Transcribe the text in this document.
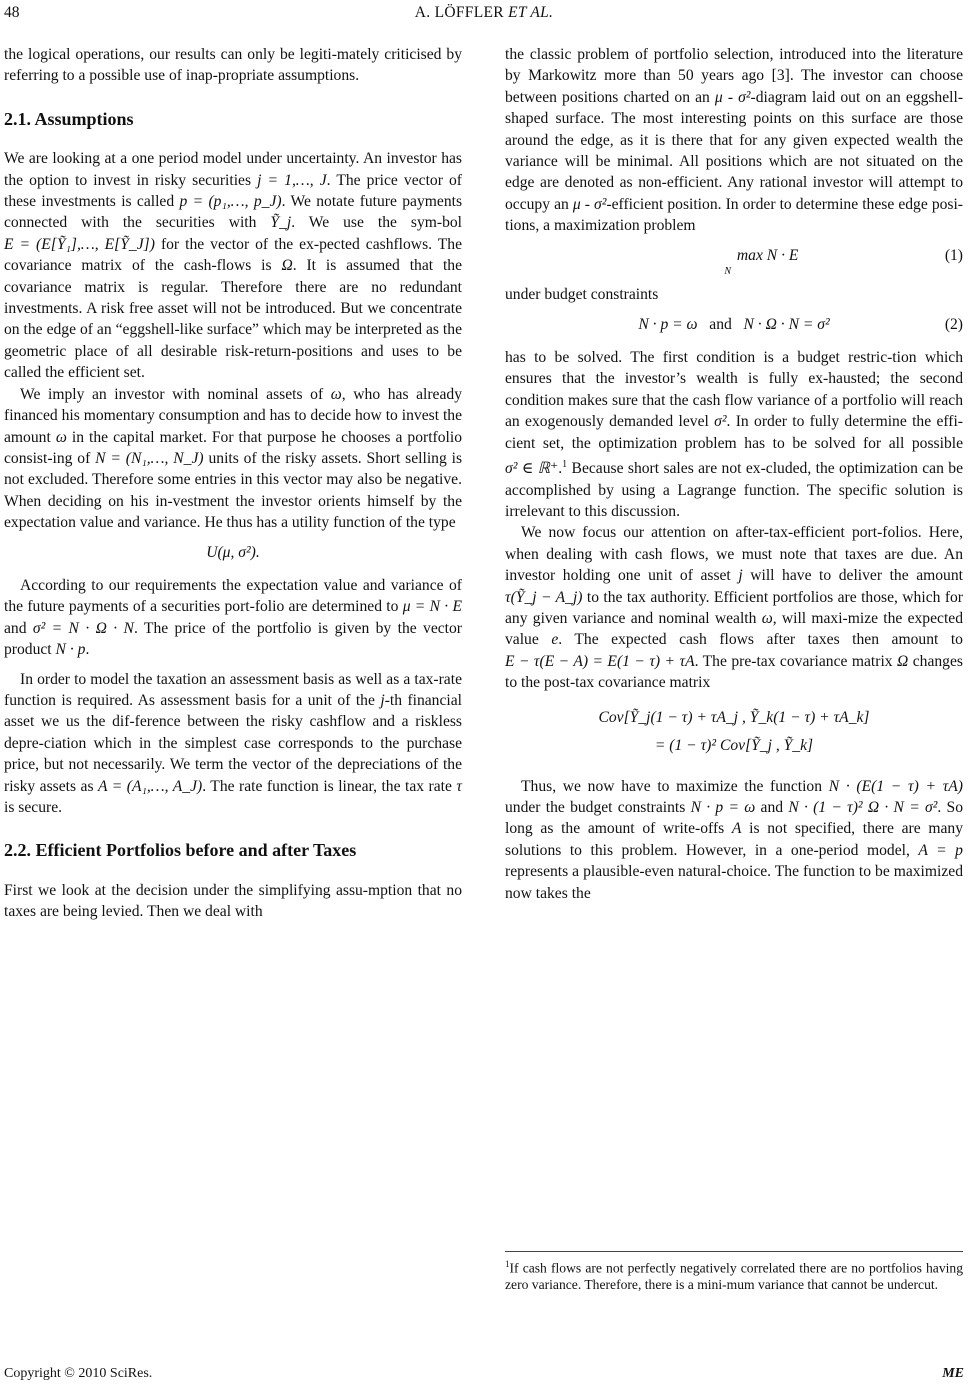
48	A. LÖFFLER ET AL.

the logical operations, our results can only be legiti-mately criticised by referring to a possible use of inap-propriate assumptions.

2.1. Assumptions

We are looking at a one period model under uncertainty. An investor has the option to invest in risky securities j = 1,…, J. The price vector of these investments is called p = (p₁,…, p_J). We notate future payments connected with the securities with Ỹ_j. We use the sym-bol E = (E[Ỹ₁],…, E[Ỹ_J]) for the vector of the ex-pected cashflows. The covariance matrix of the cash-flows is Ω. It is assumed that the covariance matrix is regular. Therefore there are no redundant investments. A risk free asset will not be introduced. But we concentrate on the edge of an “eggshell-like surface” which may be interpreted as the geometric place of all desirable risk-return-positions and uses to be called the efficient set.

We imply an investor with nominal assets of ω, who has already financed his momentary consumption and has to decide how to invest the amount ω in the capital market. For that purpose he chooses a portfolio consist-ing of N = (N₁,…, N_J) units of the risky assets. Short selling is not excluded. Therefore some entries in this vector may also be negative. When deciding on his in-vestment the investor orients himself by the expectation value and variance. He thus has a utility function of the type

U(μ, σ²).

According to our requirements the expectation value and variance of the future payments of a securities port-folio are determined to μ = N · E and σ² = N · Ω · N. The price of the portfolio is given by the vector product N · p.

In order to model the taxation an assessment basis as well as a tax-rate function is required. As assessment basis for a unit of the j-th financial asset we us the dif-ference between the risky cashflow and a riskless depre-ciation which in the simplest case corresponds to the purchase price, but not necessarily. We term the vector of the depreciations of the risky assets as A = (A₁,…, A_J). The rate function is linear, the tax rate τ is secure.

2.2. Efficient Portfolios before and after Taxes

First we look at the decision under the simplifying assu-mption that no taxes are being levied. Then we deal with

the classic problem of portfolio selection, introduced into the literature by Markowitz more than 50 years ago [3]. The investor can choose between positions charted on an μ - σ²-diagram laid out on an eggshell-shaped surface. The most interesting points on this surface are those around the edge, as it is there that for any given expected wealth the variance will be minimal. All positions which are not situated on the edge are denoted as non-efficient. Any rational investor will attempt to occupy an μ - σ²-efficient position. In order to determine these edge posi-tions, a maximization problem

$\max N \cdot E_N$
(1)

under budget constraints

N · p = ω and N · Ω · N = σ²	(2)

has to be solved. The first condition is a budget restric-tion which ensures that the investor’s wealth is fully ex-hausted; the second condition makes sure that the cash flow variance of a portfolio will reach an exogenously demanded level σ². In order to fully determine the effi-cient set, the optimization problem has to be solved for all possible σ² ∈ ℝ⁺.$^1$ Because short sales are not ex-cluded, the optimization can be accomplished by using a Lagrange function. The specific solution is irrelevant to this discussion.

We now focus our attention on after-tax-efficient port-folios. Here, when dealing with cash flows, we must note that taxes are due. An investor holding one unit of asset j will have to deliver the amount τ(Ỹ_j − A_j) to the tax authority. Efficient portfolios are those, which for any given variance and nominal wealth ω, will maxi-mize the expected value e. The expected cash flows after taxes then amount to E − τ(E − A) = E(1 − τ) + τA. The pre-tax covariance matrix Ω changes to the post-tax covariance matrix

Cov[Ỹ_j(1 − τ) + τA_j , Ỹ_k(1 − τ) + τA_k]
= (1 − τ)² Cov[Ỹ_j , Ỹ_k]

Thus, we now have to maximize the function N · (E(1 − τ) + τA) under the budget constraints N · p = ω and N · (1 − τ)² Ω · N = σ². So long as the amount of write-offs A is not specified, there are many solutions to this problem. However, in a one-period model, A = p represents a plausible-even natural-choice. The function to be maximized now takes the

$^1$If cash flows are not perfectly negatively correlated there are no portfolios having zero variance. Therefore, there is a mini-mum variance that cannot be undercut.
Copyright © 2010 SciRes.	ME
